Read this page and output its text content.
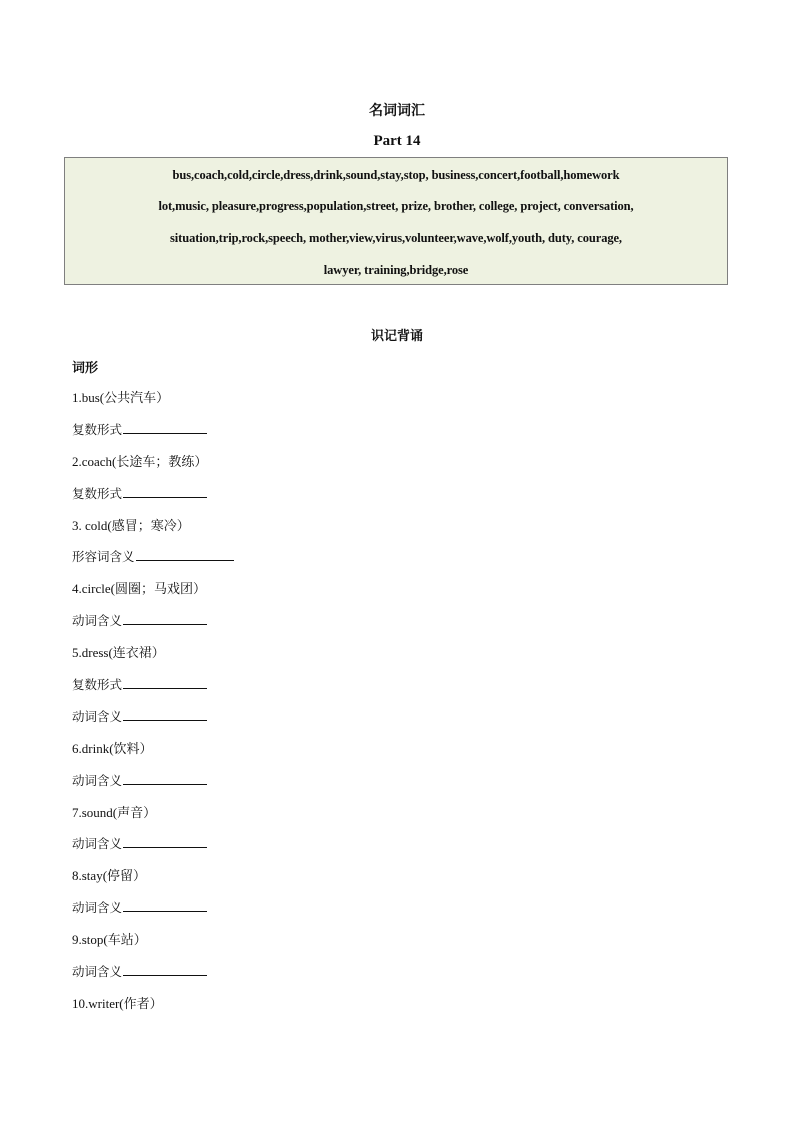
名词词汇
Part 14
bus,coach,cold,circle,dress,drink,sound,stay,stop, business,concert,football,homework
lot,music, pleasure,progress,population,street, prize, brother, college, project, conversation,
situation,trip,rock,speech, mother,view,virus,volunteer,wave,wolf,youth, duty, courage,
lawyer, training,bridge,rose
识记背诵
词形
1.bus(公共汽车）
复数形式
2.coach(长途车；教练）
复数形式
3. cold(感冒；寒冷）
形容词含义
4.circle(圆圈；马戏团）
动词含义
5.dress(连衣裙）
复数形式
动词含义
6.drink(饮料）
动词含义
7.sound(声音）
动词含义
8.stay(停留）
动词含义
9.stop(车站）
动词含义
10.writer(作者）
